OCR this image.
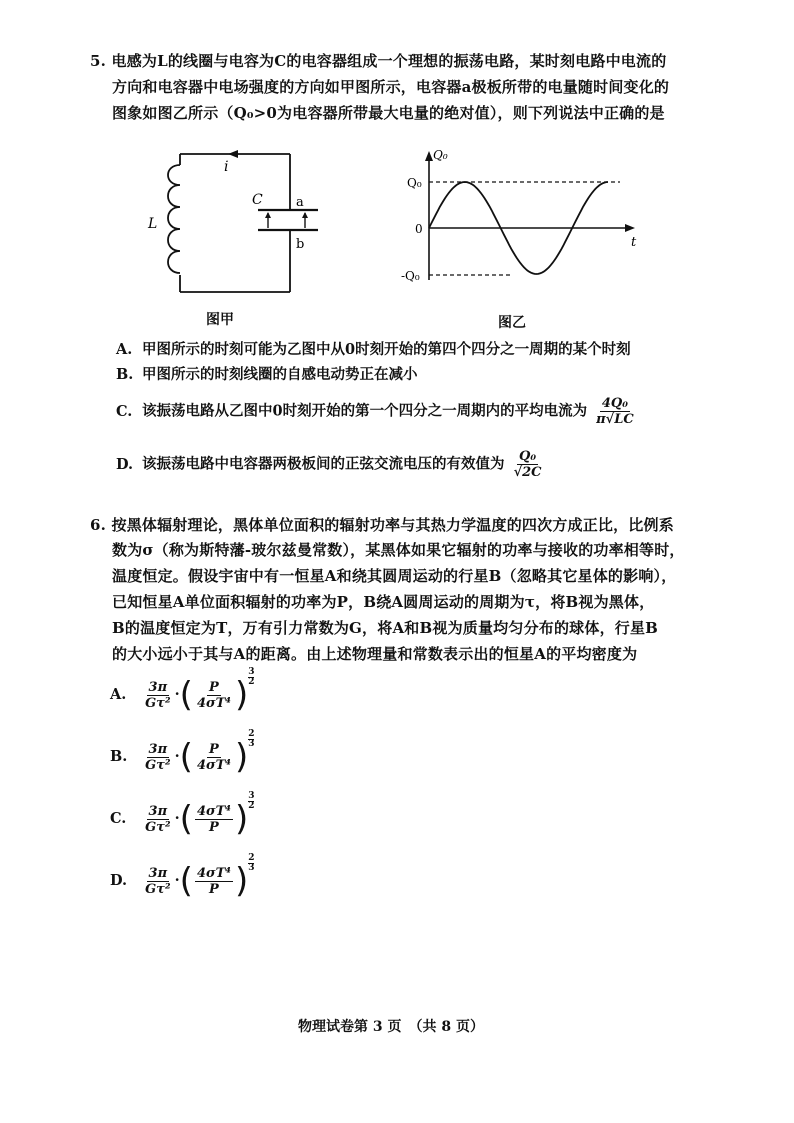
5. 电感为L的线圈与电容为C的电容器组成一个理想的振荡电路，某时刻电路中电流的
方向和电容器中电场强度的方向如甲图所示，电容器a极板所带的电量随时间变化的
图象如图乙所示（Q₀>0为电容器所带最大电量的绝对值），则下列说法中正确的是
i
C
L
a
b
图甲
Q₀
t
Q₀
0
-Q₀
图乙
A. 甲图所示的时刻可能为乙图中从0时刻开始的第四个四分之一周期的某个时刻
B. 甲图所示的时刻线圈的自感电动势正在减小
C. 该振荡电路从乙图中0时刻开始的第一个四分之一周期内的平均电流为 $\frac{\text{4Q₀}}{\pi√LC}$
D. 该振荡电路中电容器两极板间的正弦交流电压的有效值为 $\frac{\text{Q₀}}{√2C}$
6. 按黑体辐射理论，黑体单位面积的辐射功率与其热力学温度的四次方成正比，比例系
数为σ（称为斯特藩-玻尔兹曼常数），某黑体如果它辐射的功率与接收的功率相等时，
温度恒定。假设宇宙中有一恒星A和绕其圆周运动的行星B（忽略其它星体的影响），
已知恒星A单位面积辐射的功率为P，B绕A圆周运动的周期为τ，将B视为黑体，
B的温度恒定为T，万有引力常数为G，将A和B视为质量均匀分布的球体，行星B
的大小远小于其与A的距离。由上述物理量和常数表示出的恒星A的平均密度为
A. $\frac{3\pi}{\text{Gτ²}}$ ·( $\frac{P}{\text{4σT⁴}}$ ) $\frac{3}{2}$
B. $\frac{3\pi}{\text{Gτ²}}$ ·( $\frac{P}{\text{4σT⁴}}$ ) $\frac{2}{3}$
C. $\frac{3\pi}{\text{Gτ²}}$ ·( $\frac{\text{4σT⁴}}{P}$ ) $\frac{3}{2}$
D. $\frac{3\pi}{\text{Gτ²}}$ ·( $\frac{\text{4σT⁴}}{P}$ ) $\frac{2}{3}$
物理试卷第 3 页　（共 8 页）
